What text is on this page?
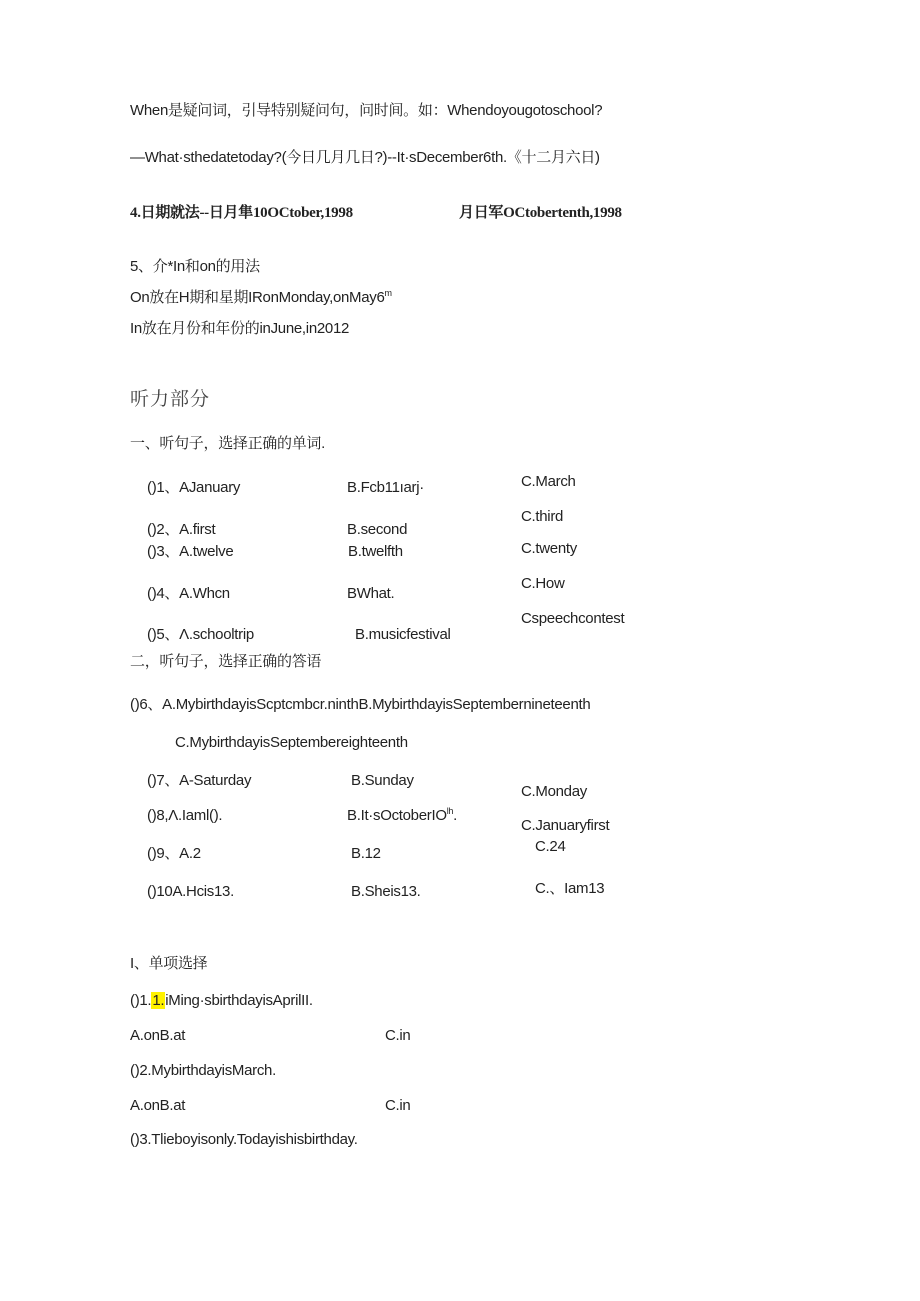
When是疑问词，引导特别疑问句，问时间。如：Whendoyougotoschool?
—What·sthedatetoday?(今日几月几日?)--It·sDecember6th.《十二月六日)
4.日期就法--日月隼10OCtober,1998	月日军OCtobertenth,1998
5、介*In和on的用法
On放在H期和星期IRonMonday,onMay6$^m$
In放在月份和年份的inJune,in2012
听力部分
一、听句子，选择正确的单词.
()1、AJanuary	B.Fcb11ıarj·	C.March
()2、A.first	B.second
C.third
()3、A.twelve	B.twelfth	C.twenty
()4、A.Whcn	BWhat.
C.How
()5、Λ.schooltrip	B.musicfestival
Cspeechcontest
二，听句子，选择正确的答语
()6、A.MybirthdayisScptcmbcr.ninthB.MybirthdayisSeptembernineteenth
C.MybirthdayisSeptembereighteenth
()7、A-Saturday	B.Sunday
C.Monday
()8,Λ.Iaml().	B.It·sOctoberIO$^{lh}$.
C.Januaryfirst
()9、A.2	B.12	C.24
()10A.Hcis13.	B.Sheis13.	C.、Iam13
I、单项选择
()1.1.iMing·sbirthdayisAprilII.
A.onB.at	C.in
()2.MybirthdayisMarch.
A.onB.at	C.in
()3.Tlieboyisonly.Todayishisbirthday.
